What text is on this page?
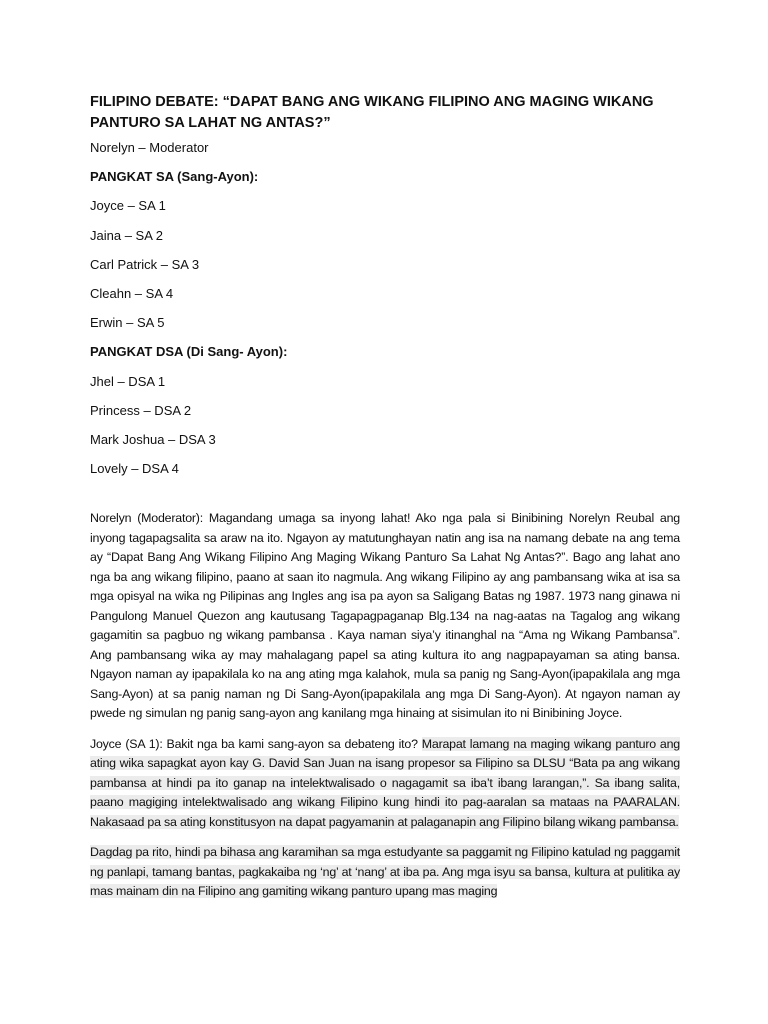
FILIPINO DEBATE: “DAPAT BANG ANG WIKANG FILIPINO ANG MAGING WIKANG PANTURO SA LAHAT NG ANTAS?”
Norelyn – Moderator
PANGKAT SA (Sang-Ayon):
Joyce – SA 1
Jaina – SA 2
Carl Patrick – SA 3
Cleahn – SA 4
Erwin – SA 5
PANGKAT DSA (Di Sang- Ayon):
Jhel – DSA 1
Princess – DSA 2
Mark Joshua – DSA 3
Lovely – DSA 4

Norelyn (Moderator): Magandang umaga sa inyong lahat! Ako nga pala si Binibining Norelyn Reubal ang inyong tagapagsalita sa araw na ito. Ngayon ay matutunghayan natin ang isa na namang debate na ang tema ay “Dapat Bang Ang Wikang Filipino Ang Maging Wikang Panturo Sa Lahat Ng Antas?”. Bago ang lahat ano nga ba ang wikang filipino, paano at saan ito nagmula. Ang wikang Filipino ay ang pambansang wika at isa sa mga opisyal na wika ng Pilipinas ang Ingles ang isa pa ayon sa Saligang Batas ng 1987. 1973 nang ginawa ni Pangulong Manuel Quezon ang kautusang Tagapagpaganap Blg.134 na nag-aatas na Tagalog ang wikang gagamitin sa pagbuo ng wikang pambansa . Kaya naman siya’y itinanghal na “Ama ng Wikang Pambansa”. Ang pambansang wika ay may mahalagang papel sa ating kultura ito ang nagpapayaman sa ating bansa. Ngayon naman ay ipapakilala ko na ang ating mga kalahok, mula sa panig ng Sang-Ayon(ipapakilala ang mga Sang-Ayon) at sa panig naman ng Di Sang-Ayon(ipapakilala ang mga Di Sang-Ayon). At ngayon naman ay pwede ng simulan ng panig sang-ayon ang kanilang mga hinaing at sisimulan ito ni Binibining Joyce.

Joyce (SA 1): Bakit nga ba kami sang-ayon sa debateng ito? Marapat lamang na maging wikang panturo ang ating wika sapagkat ayon kay G. David San Juan na isang propesor sa Filipino sa DLSU “Bata pa ang wikang pambansa at hindi pa ito ganap na intelektwalisado o nagagamit sa iba’t ibang larangan,”. Sa ibang salita, paano magiging intelektwalisado ang wikang Filipino kung hindi ito pag-aaralan sa mataas na PAARALAN. Nakasaad pa sa ating konstitusyon na dapat pagyamanin at palaganapin ang Filipino bilang wikang pambansa.

Dagdag pa rito, hindi pa bihasa ang karamihan sa mga estudyante sa paggamit ng Filipino katulad ng paggamit ng panlapi, tamang bantas, pagkakaiba ng ‘ng’ at ‘nang’ at iba pa. Ang mga isyu sa bansa, kultura at pulitika ay mas mainam din na Filipino ang gamiting wikang panturo upang mas maging
